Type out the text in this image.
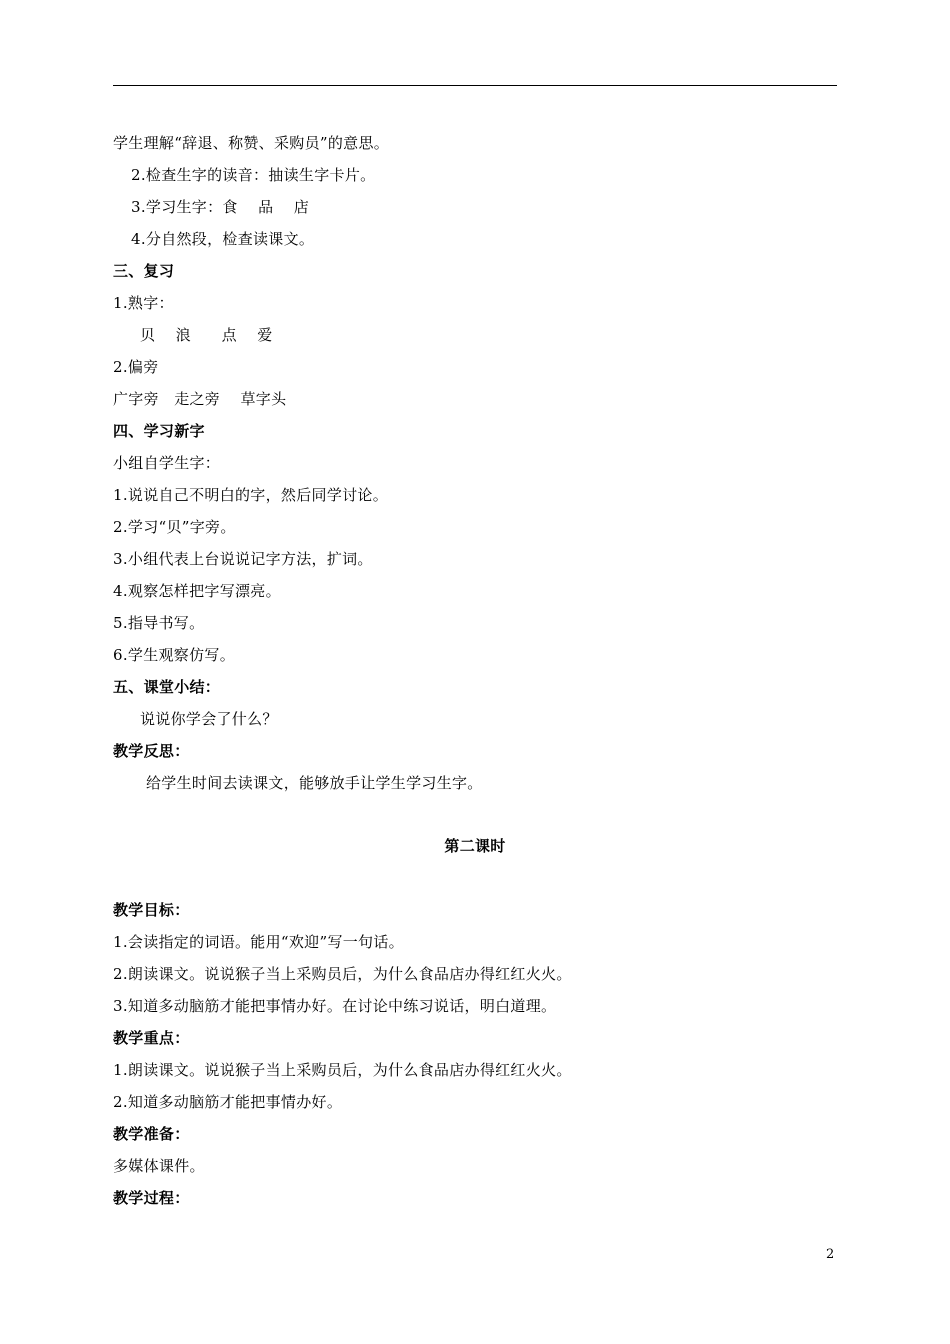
学生理解“辞退、称赞、采购员”的意思。
2.检查生字的读音：抽读生字卡片。
3.学习生字：食　 品　 店
4.分自然段，检查读课文。
三、复习
1.熟字：
贝　 浪　　点　 爱
2.偏旁
广字旁　走之旁　 草字头
四、学习新字
小组自学生字：
1.说说自己不明白的字，然后同学讨论。
2.学习“贝”字旁。
3.小组代表上台说说记字方法，扩词。
4.观察怎样把字写漂亮。
5.指导书写。
6.学生观察仿写。
五、课堂小结：
说说你学会了什么？
教学反思：
给学生时间去读课文，能够放手让学生学习生字。
第二课时
教学目标：
1.会读指定的词语。能用“欢迎”写一句话。
2.朗读课文。说说猴子当上采购员后，为什么食品店办得红红火火。
3.知道多动脑筋才能把事情办好。在讨论中练习说话，明白道理。
教学重点：
1.朗读课文。说说猴子当上采购员后，为什么食品店办得红红火火。
2.知道多动脑筋才能把事情办好。
教学准备：
多媒体课件。
教学过程：
2
